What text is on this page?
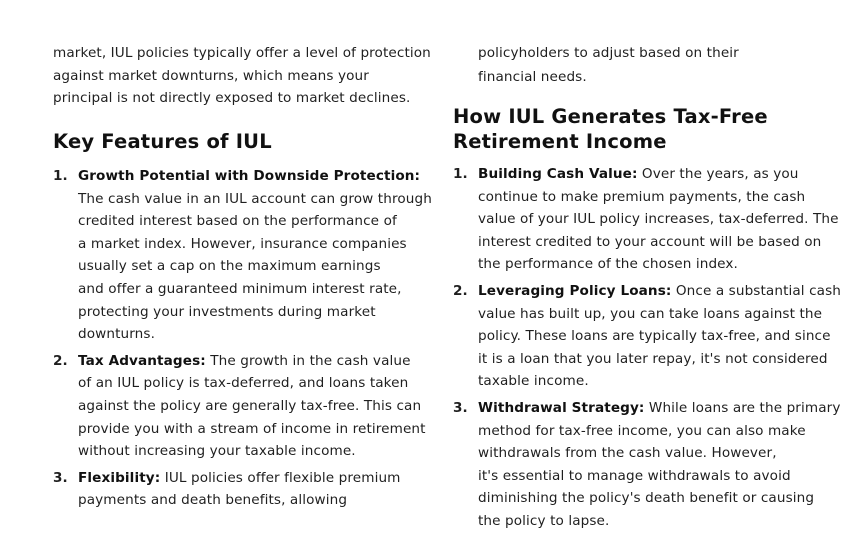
market, IUL policies typically offer a level of protection
against market downturns, which means your
principal is not directly exposed to market declines.

Key Features of IUL
1. Growth Potential with Downside Protection:
The cash value in an IUL account can grow through
credited interest based on the performance of
a market index. However, insurance companies
usually set a cap on the maximum earnings
and offer a guaranteed minimum interest rate,
protecting your investments during market
downturns.
2. Tax Advantages: The growth in the cash value
of an IUL policy is tax-deferred, and loans taken
against the policy are generally tax-free. This can
provide you with a stream of income in retirement
without increasing your taxable income.
3. Flexibility: IUL policies offer flexible premium
payments and death benefits, allowing

policyholders to adjust based on their
financial needs.

How IUL Generates Tax-Free
Retirement Income
1. Building Cash Value: Over the years, as you
continue to make premium payments, the cash
value of your IUL policy increases, tax-deferred. The
interest credited to your account will be based on
the performance of the chosen index.
2. Leveraging Policy Loans: Once a substantial cash
value has built up, you can take loans against the
policy. These loans are typically tax-free, and since
it is a loan that you later repay, it's not considered
taxable income.
3. Withdrawal Strategy: While loans are the primary
method for tax-free income, you can also make
withdrawals from the cash value. However,
it's essential to manage withdrawals to avoid
diminishing the policy's death benefit or causing
the policy to lapse.
